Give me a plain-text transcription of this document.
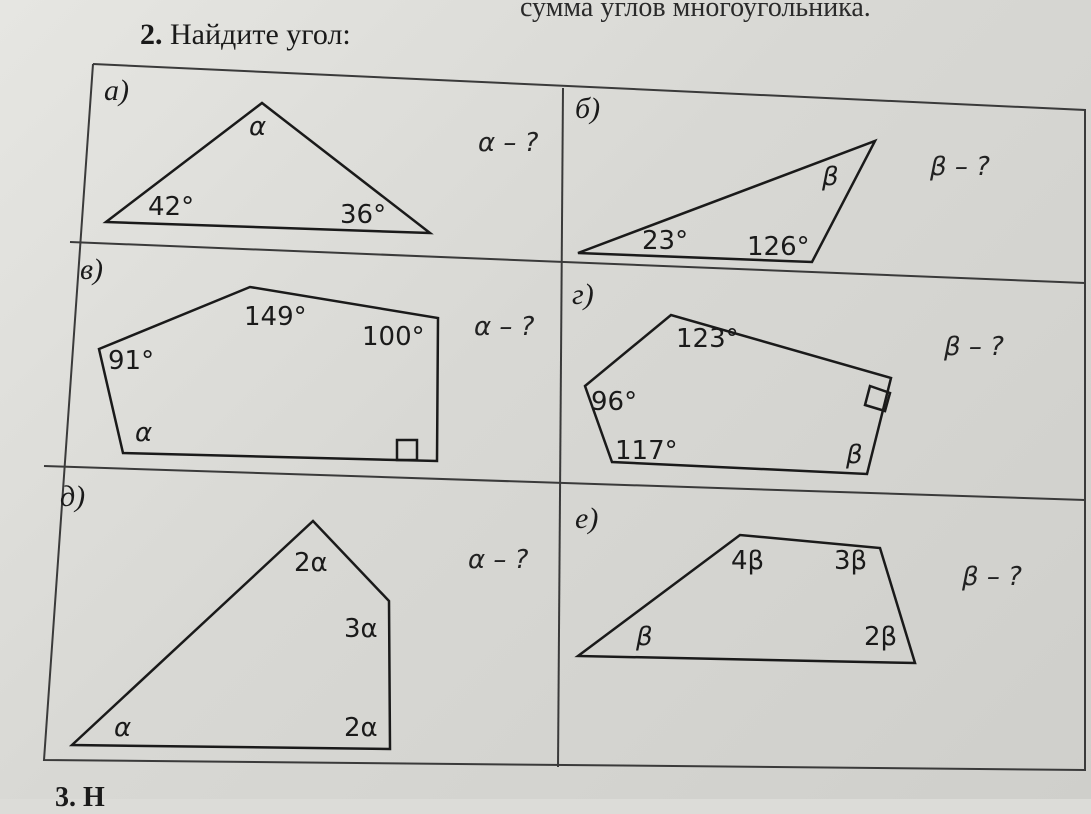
сумма углов многоугольника.
2. Найдите угол:
а)
б)
в)
г)
д)
е)
α – ?
β – ?
α – ?
β – ?
α – ?
β – ?
α
42°	36°
β
23° 126°
149°
100°
91°
α
123°
96°
117°	β
2α
3α
α	2α
4β	3β
β	2β
3. Н
